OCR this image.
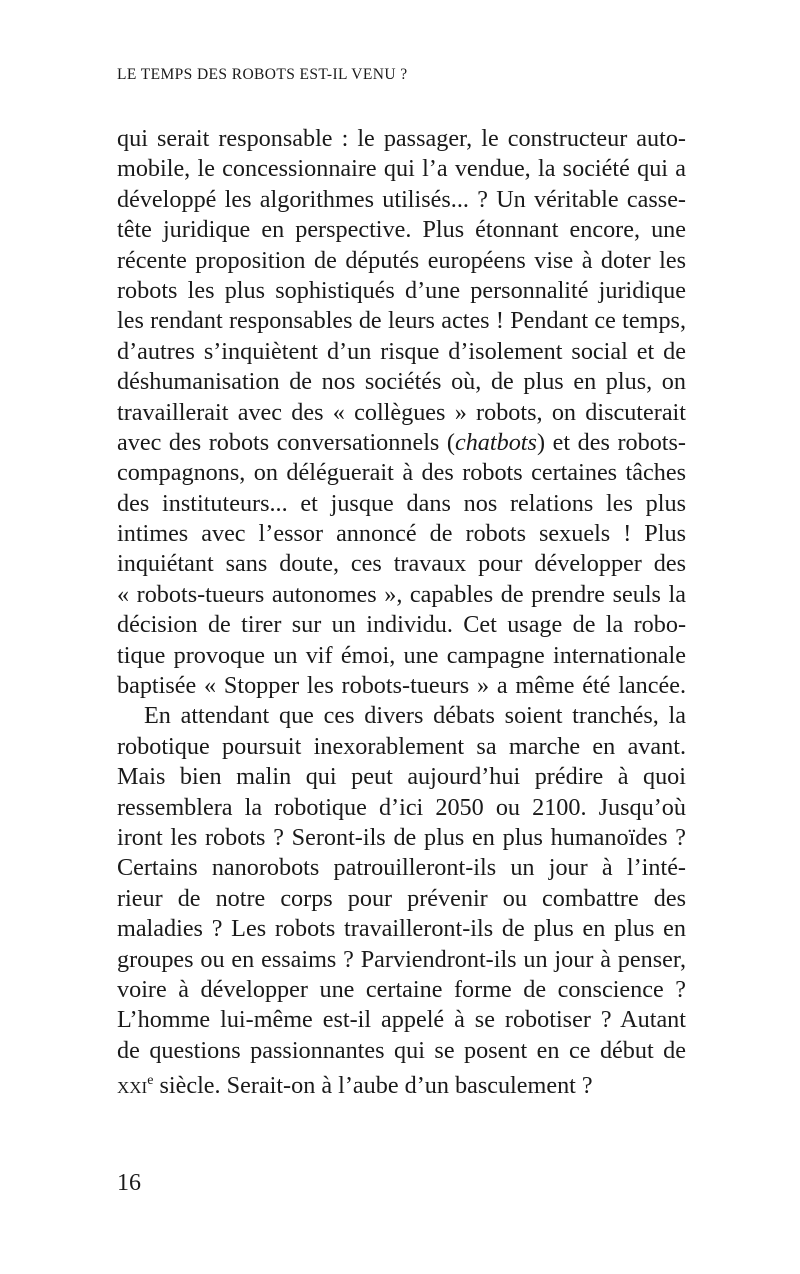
LE TEMPS DES ROBOTS EST-IL VENU ?
qui serait responsable : le passager, le constructeur auto-
mobile, le concessionnaire qui l’a vendue, la société qui a
développé les algorithmes utilisés... ? Un véritable casse-
tête juridique en perspective. Plus étonnant encore, une
récente proposition de députés européens vise à doter les
robots les plus sophistiqués d’une personnalité juridique
les rendant responsables de leurs actes ! Pendant ce temps,
d’autres s’inquiètent d’un risque d’isolement social et de
déshumanisation de nos sociétés où, de plus en plus, on
travaillerait avec des « collègues » robots, on discuterait
avec des robots conversationnels (chatbots) et des robots-
compagnons, on déléguerait à des robots certaines tâches
des instituteurs... et jusque dans nos relations les plus
intimes avec l’essor annoncé de robots sexuels ! Plus
inquiétant sans doute, ces travaux pour développer des
« robots-tueurs autonomes », capables de prendre seuls la
décision de tirer sur un individu. Cet usage de la robo-
tique provoque un vif émoi, une campagne internationale
baptisée « Stopper les robots-tueurs » a même été lancée.
En attendant que ces divers débats soient tranchés, la
robotique poursuit inexorablement sa marche en avant.
Mais bien malin qui peut aujourd’hui prédire à quoi
ressemblera la robotique d’ici 2050 ou 2100. Jusqu’où
iront les robots ? Seront-ils de plus en plus humanoïdes ?
Certains nanorobots patrouilleront-ils un jour à l’inté-
rieur de notre corps pour prévenir ou combattre des
maladies ? Les robots travailleront-ils de plus en plus en
groupes ou en essaims ? Parviendront-ils un jour à penser,
voire à développer une certaine forme de conscience ?
L’homme lui-même est-il appelé à se robotiser ? Autant
de questions passionnantes qui se posent en ce début de
xxi$^e$ siècle. Serait-on à l’aube d’un basculement ?
16
